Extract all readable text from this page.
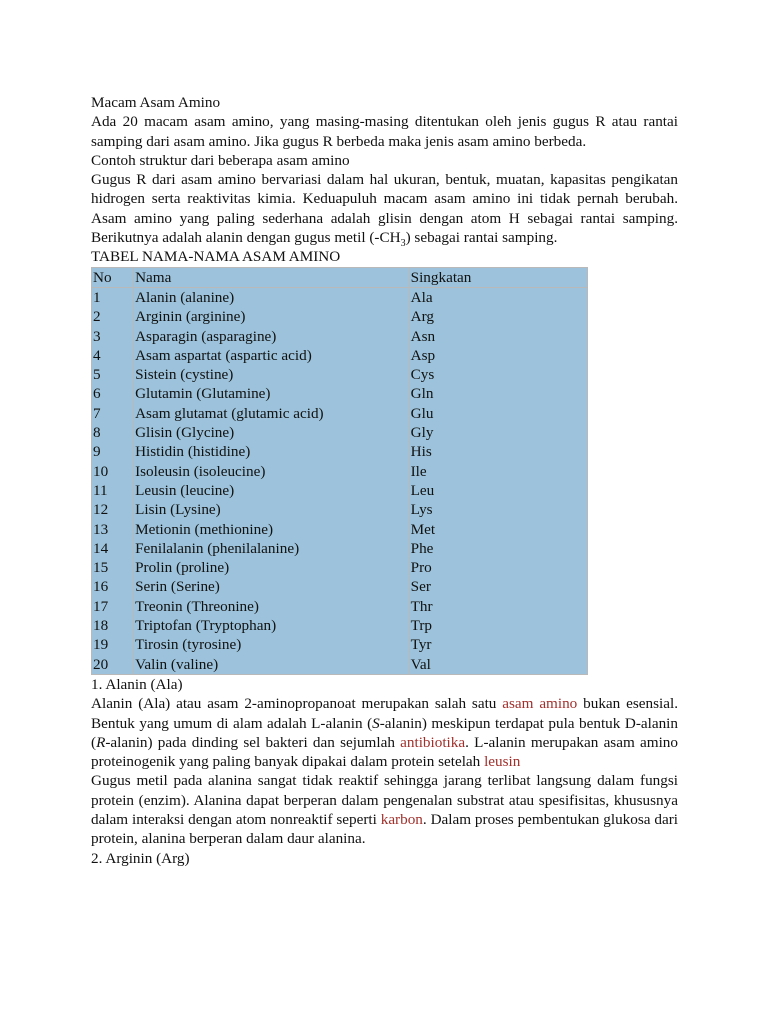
Macam Asam Amino

Ada 20 macam asam amino, yang masing-masing ditentukan oleh jenis gugus R atau rantai samping dari asam amino. Jika gugus R berbeda maka jenis asam amino berbeda.

Contoh struktur dari beberapa asam amino

Gugus R dari asam amino bervariasi dalam hal ukuran, bentuk, muatan, kapasitas pengikatan hidrogen serta reaktivitas kimia. Keduapuluh macam asam amino ini tidak pernah berubah. Asam amino yang paling sederhana adalah glisin dengan atom H sebagai rantai samping. Berikutnya adalah alanin dengan gugus metil $(-CH_3)$ sebagai rantai samping.

TABEL NAMA-NAMA ASAM AMINO

No	Nama	Singkatan
1	Alanin (alanine)	Ala
2	Arginin (arginine)	Arg
3	Asparagin (asparagine)	Asn
4	Asam aspartat (aspartic acid)	Asp
5	Sistein (cystine)	Cys
6	Glutamin (Glutamine)	Gln
7	Asam glutamat (glutamic acid)	Glu
8	Glisin (Glycine)	Gly
9	Histidin (histidine)	His
10	Isoleusin (isoleucine)	Ile
11	Leusin (leucine)	Leu
12	Lisin (Lysine)	Lys
13	Metionin (methionine)	Met
14	Fenilalanin (phenilalanine)	Phe
15	Prolin (proline)	Pro
16	Serin (Serine)	Ser
17	Treonin (Threonine)	Thr
18	Triptofan (Tryptophan)	Trp
19	Tirosin (tyrosine)	Tyr
20	Valin (valine)	Val

1. Alanin (Ala)

Alanin (Ala) atau asam 2-aminopropanoat merupakan salah satu asam amino bukan esensial. Bentuk yang umum di alam adalah L-alanin (S-alanin) meskipun terdapat pula bentuk D-alanin (R-alanin) pada dinding sel bakteri dan sejumlah antibiotika. L-alanin merupakan asam amino proteinogenik yang paling banyak dipakai dalam protein setelah leusin

Gugus metil pada alanina sangat tidak reaktif sehingga jarang terlibat langsung dalam fungsi protein (enzim). Alanina dapat berperan dalam pengenalan substrat atau spesifisitas, khususnya dalam interaksi dengan atom nonreaktif seperti karbon. Dalam proses pembentukan glukosa dari protein, alanina berperan dalam daur alanina.

2. Arginin (Arg)
